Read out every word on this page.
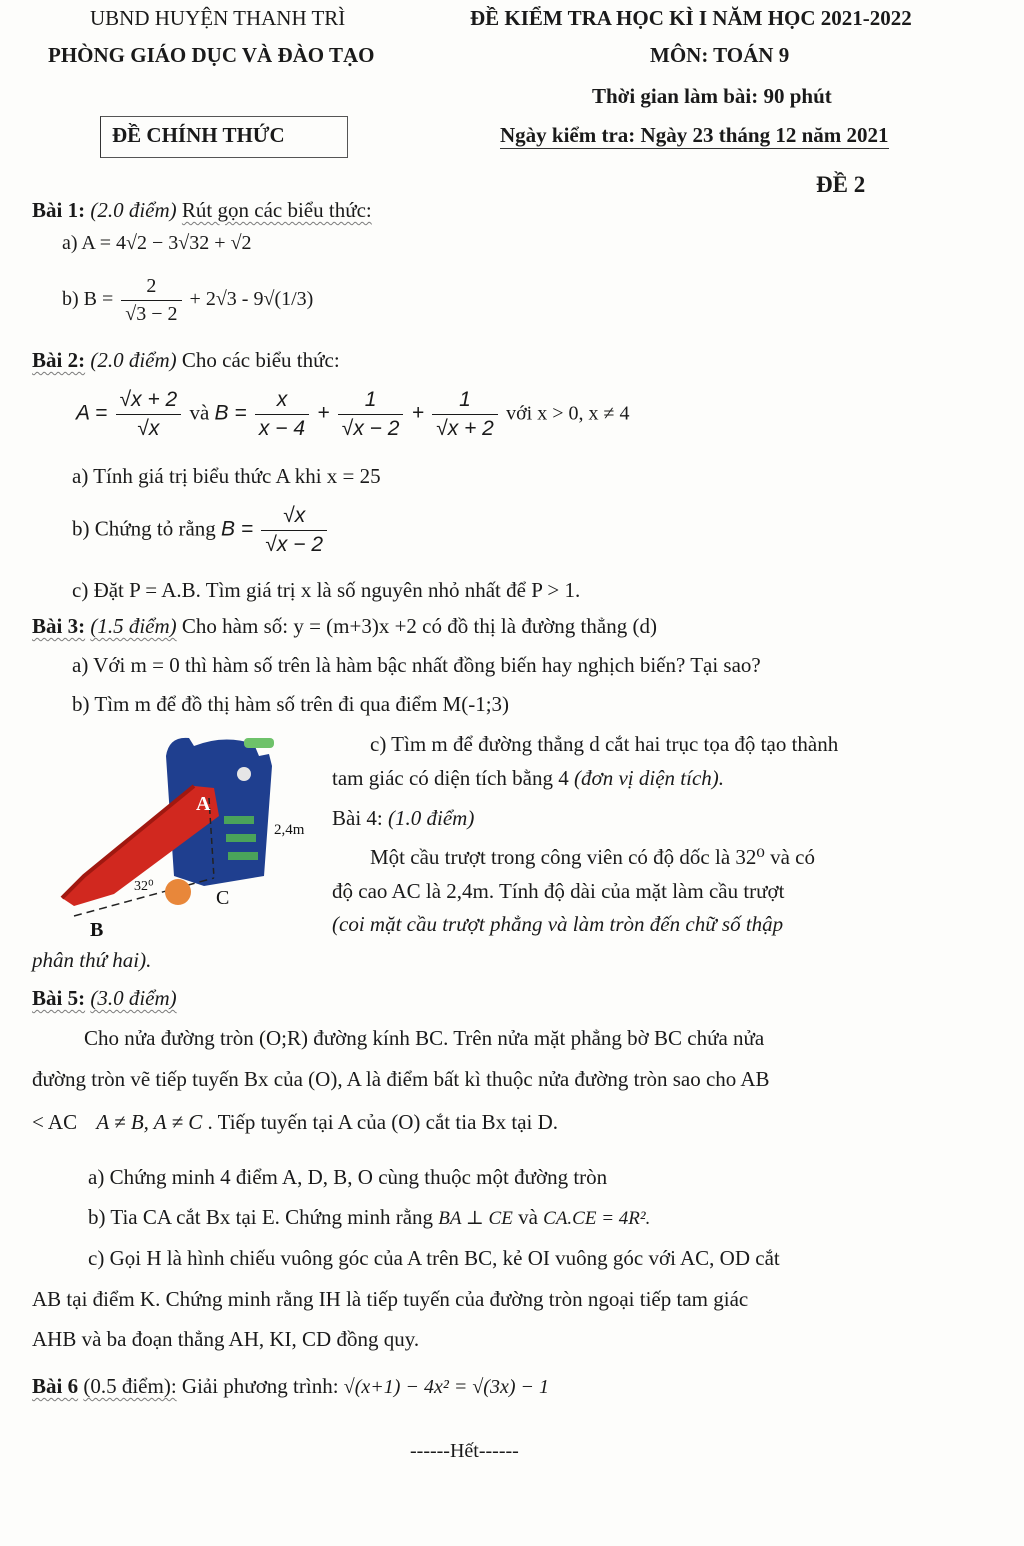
UBND HUYỆN THANH TRÌ
PHÒNG GIÁO DỤC VÀ ĐÀO TẠO
ĐỀ KIỂM TRA HỌC KÌ I NĂM HỌC 2021-2022
MÔN: TOÁN 9
Thời gian làm bài: 90 phút
ĐỀ CHÍNH THỨC	Ngày kiểm tra: Ngày 23 tháng 12 năm 2021
ĐỀ 2
Bài 1: (2.0 điểm) Rút gọn các biểu thức:
a) A = 4√2 − 3√32 + √2
b) $B = \frac{2}{√3 - 2} + 2√3 - 9√(1/3)$
Bài 2: (2.0 điểm) Cho các biểu thức:
$A = \frac{√x + 2}{√x}$ và $B = \frac{x}{x - 4} + \frac{1}{√x - 2} + \frac{1}{√x + 2}$ với x > 0, x ≠ 4
a) Tính giá trị biểu thức A khi x = 25
b) Chứng tỏ rằng $B = \frac{√x}{√x - 2}$
c) Đặt P = A.B. Tìm giá trị x là số nguyên nhỏ nhất để P > 1.
Bài 3: (1.5 điểm) Cho hàm số: y = (m+3)x +2 có đồ thị là đường thẳng (d)
a) Với m = 0 thì hàm số trên là hàm bậc nhất đồng biến hay nghịch biến? Tại sao?
b) Tìm m để đồ thị hàm số trên đi qua điểm M(-1;3)
c) Tìm m để đường thẳng d cắt hai trục tọa độ tạo thành
tam giác có diện tích bằng 4 (đơn vị diện tích).
A
C
B
2,4m
32⁰
Bài 4: (1.0 điểm)
Một cầu trượt trong công viên có độ dốc là 32⁰ và có
độ cao AC là 2,4m. Tính độ dài của mặt làm cầu trượt
(coi mặt cầu trượt phẳng và làm tròn đến chữ số thập
phân thứ hai).
Bài 5: (3.0 điểm)
Cho nửa đường tròn (O;R) đường kính BC. Trên nửa mặt phẳng bờ BC chứa nửa
đường tròn vẽ tiếp tuyến Bx của (O), A là điểm bất kì thuộc nửa đường tròn sao cho AB
< AC A ≠ B, A ≠ C . Tiếp tuyến tại A của (O) cắt tia Bx tại D.
a) Chứng minh 4 điểm A, D, B, O cùng thuộc một đường tròn
b) Tia CA cắt Bx tại E. Chứng minh rằng BA ⊥ CE và CA.CE = 4R².
c) Gọi H là hình chiếu vuông góc của A trên BC, kẻ OI vuông góc với AC, OD cắt
AB tại điểm K. Chứng minh rằng IH là tiếp tuyến của đường tròn ngoại tiếp tam giác
AHB và ba đoạn thẳng AH, KI, CD đồng quy.
Bài 6 (0.5 điểm): Giải phương trình: √(x+1) − 4x² = √(3x) − 1
------Hết------
